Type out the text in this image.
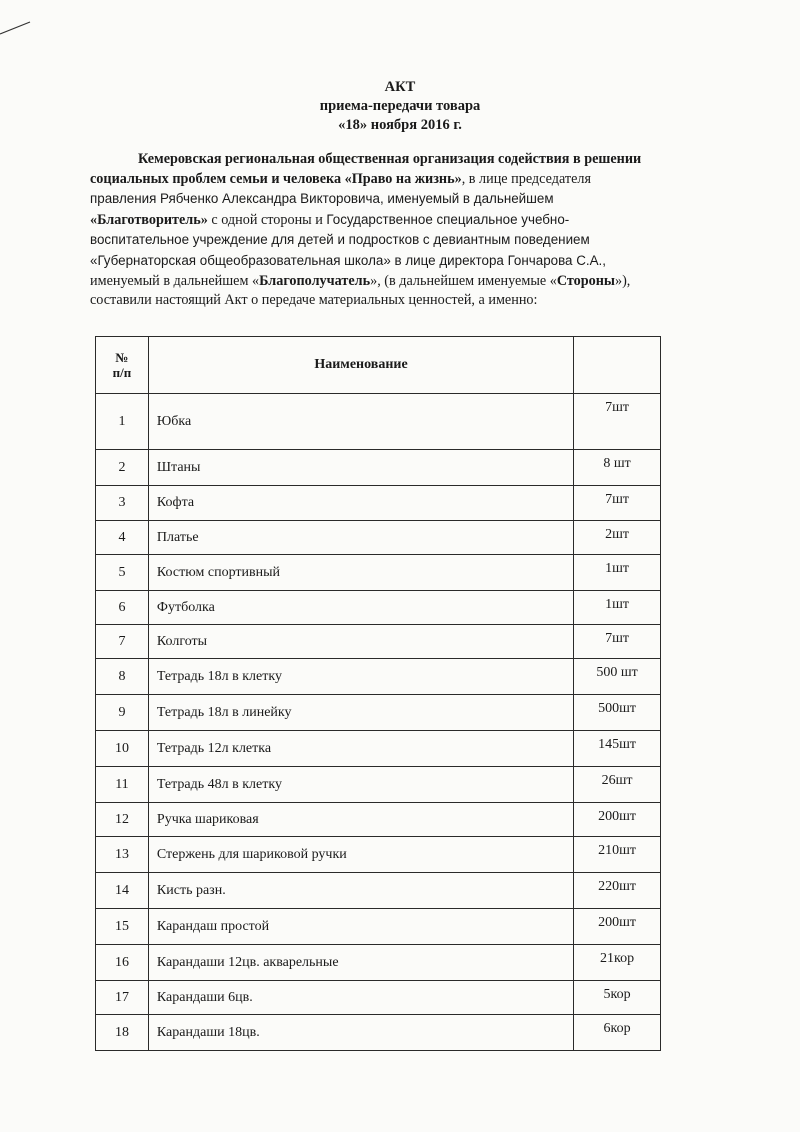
АКТ
приема-передачи товара
«18» ноября 2016 г.
Кемеровская региональная общественная организация содействия в решении
социальных проблем семьи и человека «Право на жизнь», в лице председателя
правления Рябченко Александра Викторовича, именуемый в дальнейшем
«Благотворитель» с одной стороны и Государственное специальное учебно-
воспитательное учреждение для детей и подростков с девиантным поведением
«Губернаторская общеобразовательная школа» в лице директора Гончарова С.А.,
именуемый в дальнейшем «Благополучатель», (в дальнейшем именуемые «Стороны»),
составили настоящий Акт о передаче материальных ценностей, а именно:
№
п/п	Наименование	
1	Юбка	7шт
2	Штаны	8 шт
3	Кофта	7шт
4	Платье	2шт
5	Костюм спортивный	1шт
6	Футболка	1шт
7	Колготы	7шт
8	Тетрадь 18л в клетку	500 шт
9	Тетрадь 18л в линейку	500шт
10	Тетрадь 12л клетка	145шт
11	Тетрадь 48л в клетку	26шт
12	Ручка шариковая	200шт
13	Стержень для шариковой ручки	210шт
14	Кисть разн.	220шт
15	Карандаш простой	200шт
16	Карандаши 12цв. акварельные	21кор
17	Карандаши 6цв.	5кор
18	Карандаши 18цв.	6кор
